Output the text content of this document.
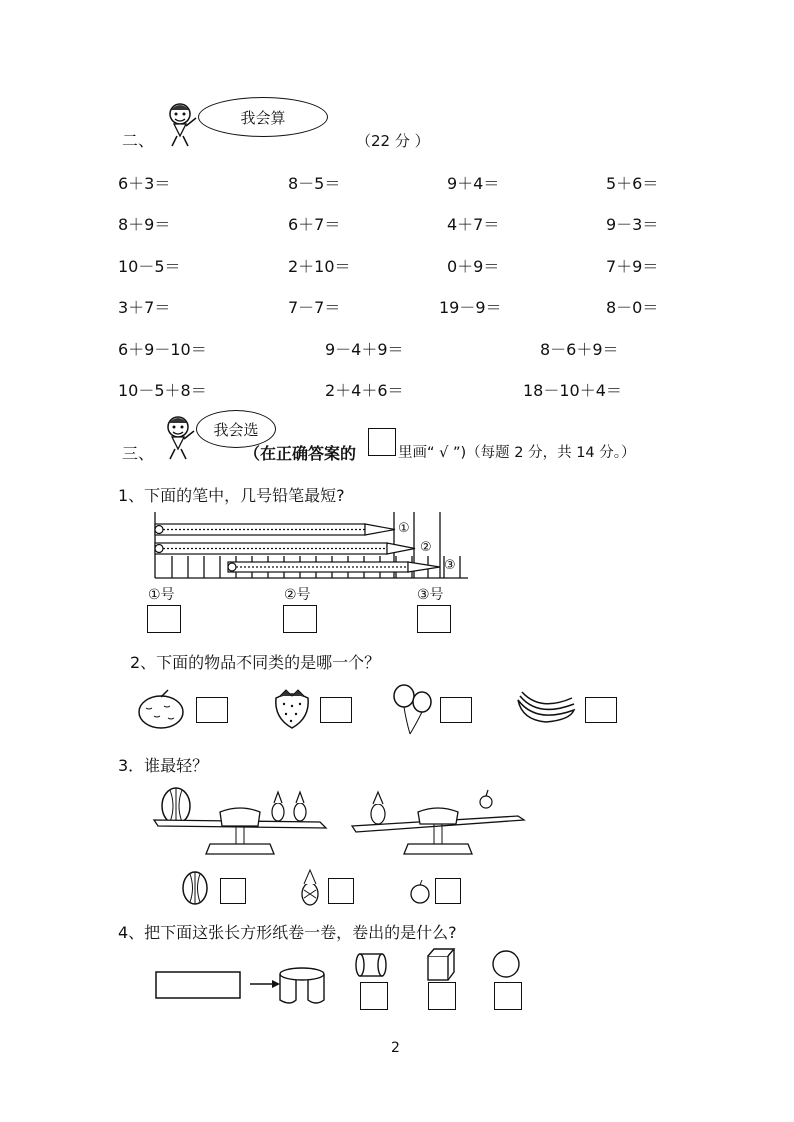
二、
我会算
（22 分 ）
6＋3＝	8－5＝	9＋4＝	5＋6＝
8＋9＝	6＋7＝	4＋7＝	9－3＝
10－5＝	2＋10＝	0＋9＝	7＋9＝
3＋7＝	7－7＝	19－9＝	8－0＝
6＋9－10＝	9－4＋9＝	8－6＋9＝
10－5＋8＝	2＋4＋6＝	18－10＋4＝
三、
我会选
（在正确答案的	里画“ √ ”)（每题 2 分，共 14 分。）
1、下面的笔中，几号铅笔最短?
①
②
③
①号	②号	③号
2、下面的物品不同类的是哪一个？
3．谁最轻？
4、把下面这张长方形纸卷一卷，卷出的是什么?
2
